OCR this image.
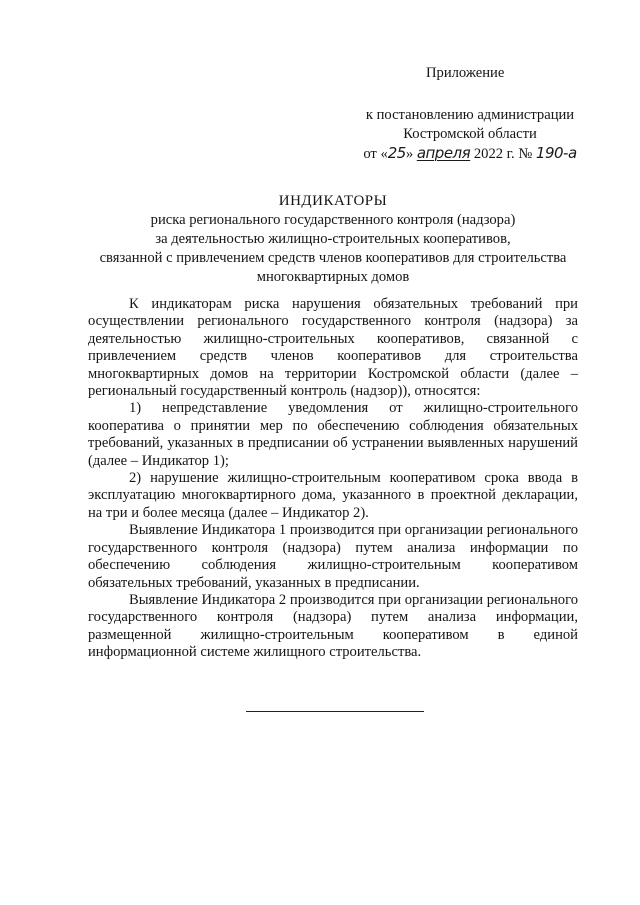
Приложение
к постановлению администрации
Костромской области
от «25» апреля 2022 г. № 190-а
ИНДИКАТОРЫ
риска регионального государственного контроля (надзора)
за деятельностью жилищно-строительных кооперативов,
связанной с привлечением средств членов кооперативов для строительства
многоквартирных домов

К индикаторам риска нарушения обязательных требований при осуществлении регионального государственного контроля (надзора) за деятельностью жилищно-строительных кооперативов, связанной с привлечением средств членов кооперативов для строительства многоквартирных домов на территории Костромской области (далее – региональный государственный контроль (надзор)), относятся:

1) непредставление уведомления от жилищно-строительного кооператива о принятии мер по обеспечению соблюдения обязательных требований, указанных в предписании об устранении выявленных нарушений (далее – Индикатор 1);

2) нарушение жилищно-строительным кооперативом срока ввода в эксплуатацию многоквартирного дома, указанного в проектной декларации, на три и более месяца (далее – Индикатор 2).

Выявление Индикатора 1 производится при организации регионального государственного контроля (надзора) путем анализа информации по обеспечению соблюдения жилищно-строительным кооперативом обязательных требований, указанных в предписании.

Выявление Индикатора 2 производится при организации регионального государственного контроля (надзора) путем анализа информации, размещенной жилищно-строительным кооперативом в единой информационной системе жилищного строительства.
